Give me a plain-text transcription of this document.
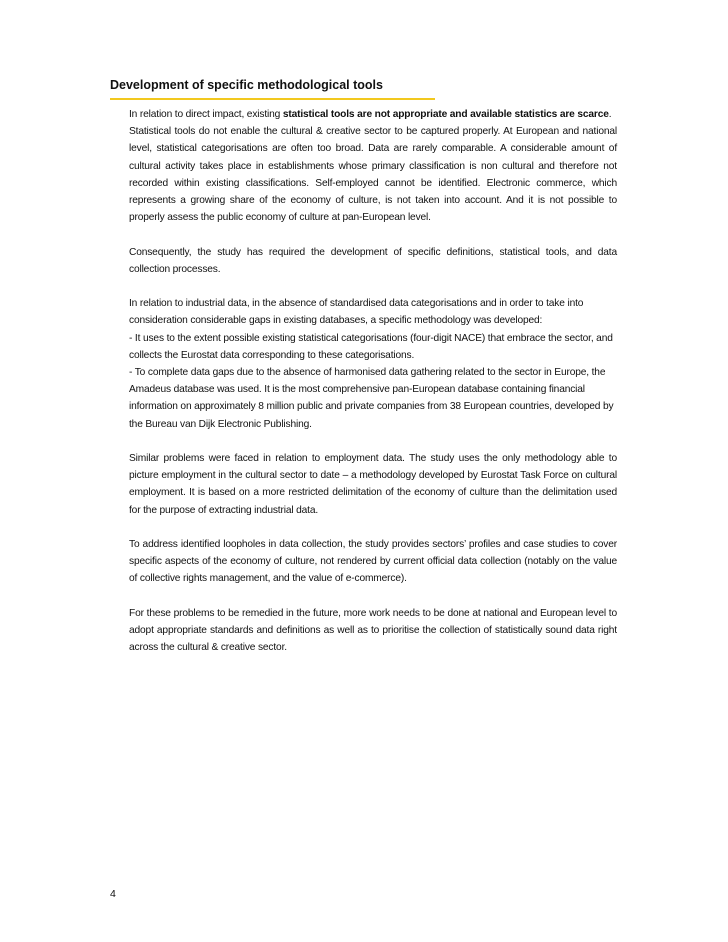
Development of specific methodological tools

In relation to direct impact, existing statistical tools are not appropriate and available statistics are scarce.
Statistical tools do not enable the cultural & creative sector to be captured properly. At European and national level, statistical categorisations are often too broad. Data are rarely comparable. A considerable amount of cultural activity takes place in establishments whose primary classification is non cultural and therefore not recorded within existing classifications. Self-employed cannot be identified. Electronic commerce, which represents a growing share of the economy of culture, is not taken into account. And it is not possible to properly assess the public economy of culture at pan-European level.

Consequently, the study has required the development of specific definitions, statistical tools, and data collection processes.

In relation to industrial data, in the absence of standardised data categorisations and in order to take into consideration considerable gaps in existing databases, a specific methodology was developed:
- It uses to the extent possible existing statistical categorisations (four-digit NACE) that embrace the sector, and collects the Eurostat data corresponding to these categorisations.
- To complete data gaps due to the absence of harmonised data gathering related to the sector in Europe, the Amadeus database was used. It is the most comprehensive pan-European database containing financial information on approximately 8 million public and private companies from 38 European countries, developed by the Bureau van Dijk Electronic Publishing.

Similar problems were faced in relation to employment data. The study uses the only methodology able to picture employment in the cultural sector to date – a methodology developed by Eurostat Task Force on cultural employment. It is based on a more restricted delimitation of the economy of culture than the delimitation used for the purpose of extracting industrial data.

To address identified loopholes in data collection, the study provides sectors’ profiles and case studies to cover specific aspects of the economy of culture, not rendered by current official data collection (notably on the value of collective rights management, and the value of e-commerce).

For these problems to be remedied in the future, more work needs to be done at national and European level to adopt appropriate standards and definitions as well as to prioritise the collection of statistically sound data right across the cultural & creative sector.

4
